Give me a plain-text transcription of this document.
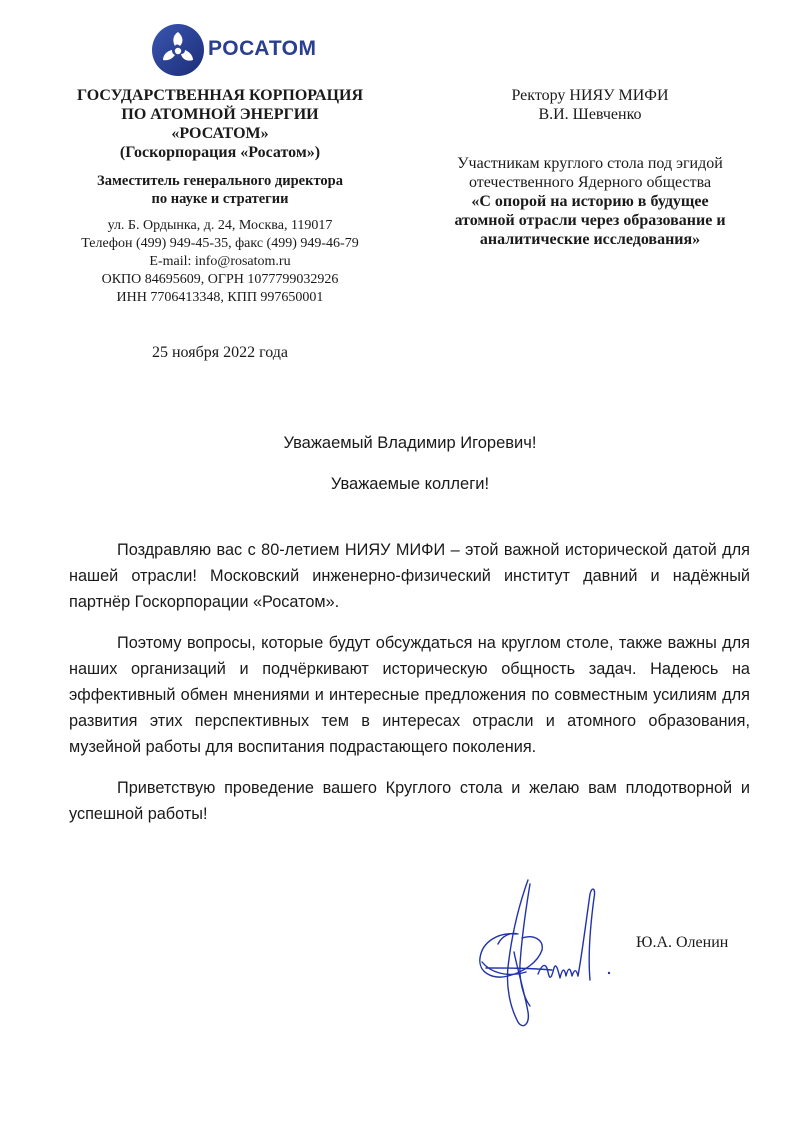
РОСАТОМ
ГОСУДАРСТВЕННАЯ КОРПОРАЦИЯ
ПО АТОМНОЙ ЭНЕРГИИ
«РОСАТОМ»
(Госкорпорация «Росатом»)
Заместитель генерального директора
по науке и стратегии
ул. Б. Ордынка, д. 24, Москва, 119017
Телефон (499) 949-45-35, факс (499) 949-46-79
E-mail: info@rosatom.ru
ОКПО 84695609, ОГРН 1077799032926
ИНН 7706413348, КПП 997650001
25 ноября 2022 года
Ректору НИЯУ МИФИ
В.И. Шевченко
Участникам круглого стола под эгидой
отечественного Ядерного общества
«С опорой на историю в будущее
атомной отрасли через образование и
аналитические исследования»
Уважаемый Владимир Игоревич!
Уважаемые коллеги!

Поздравляю вас с 80-летием НИЯУ МИФИ – этой важной исторической датой для нашей отрасли! Московский инженерно-физический институт давний и надёжный партнёр Госкорпорации «Росатом».

Поэтому вопросы, которые будут обсуждаться на круглом столе, также важны для наших организаций и подчёркивают историческую общность задач. Надеюсь на эффективный обмен мнениями и интересные предложения по совместным усилиям для развития этих перспективных тем в интересах отрасли и атомного образования, музейной работы для воспитания подрастающего поколения.

Приветствую проведение вашего Круглого стола и желаю вам плодотворной и успешной работы!

Ю.А. Оленин
